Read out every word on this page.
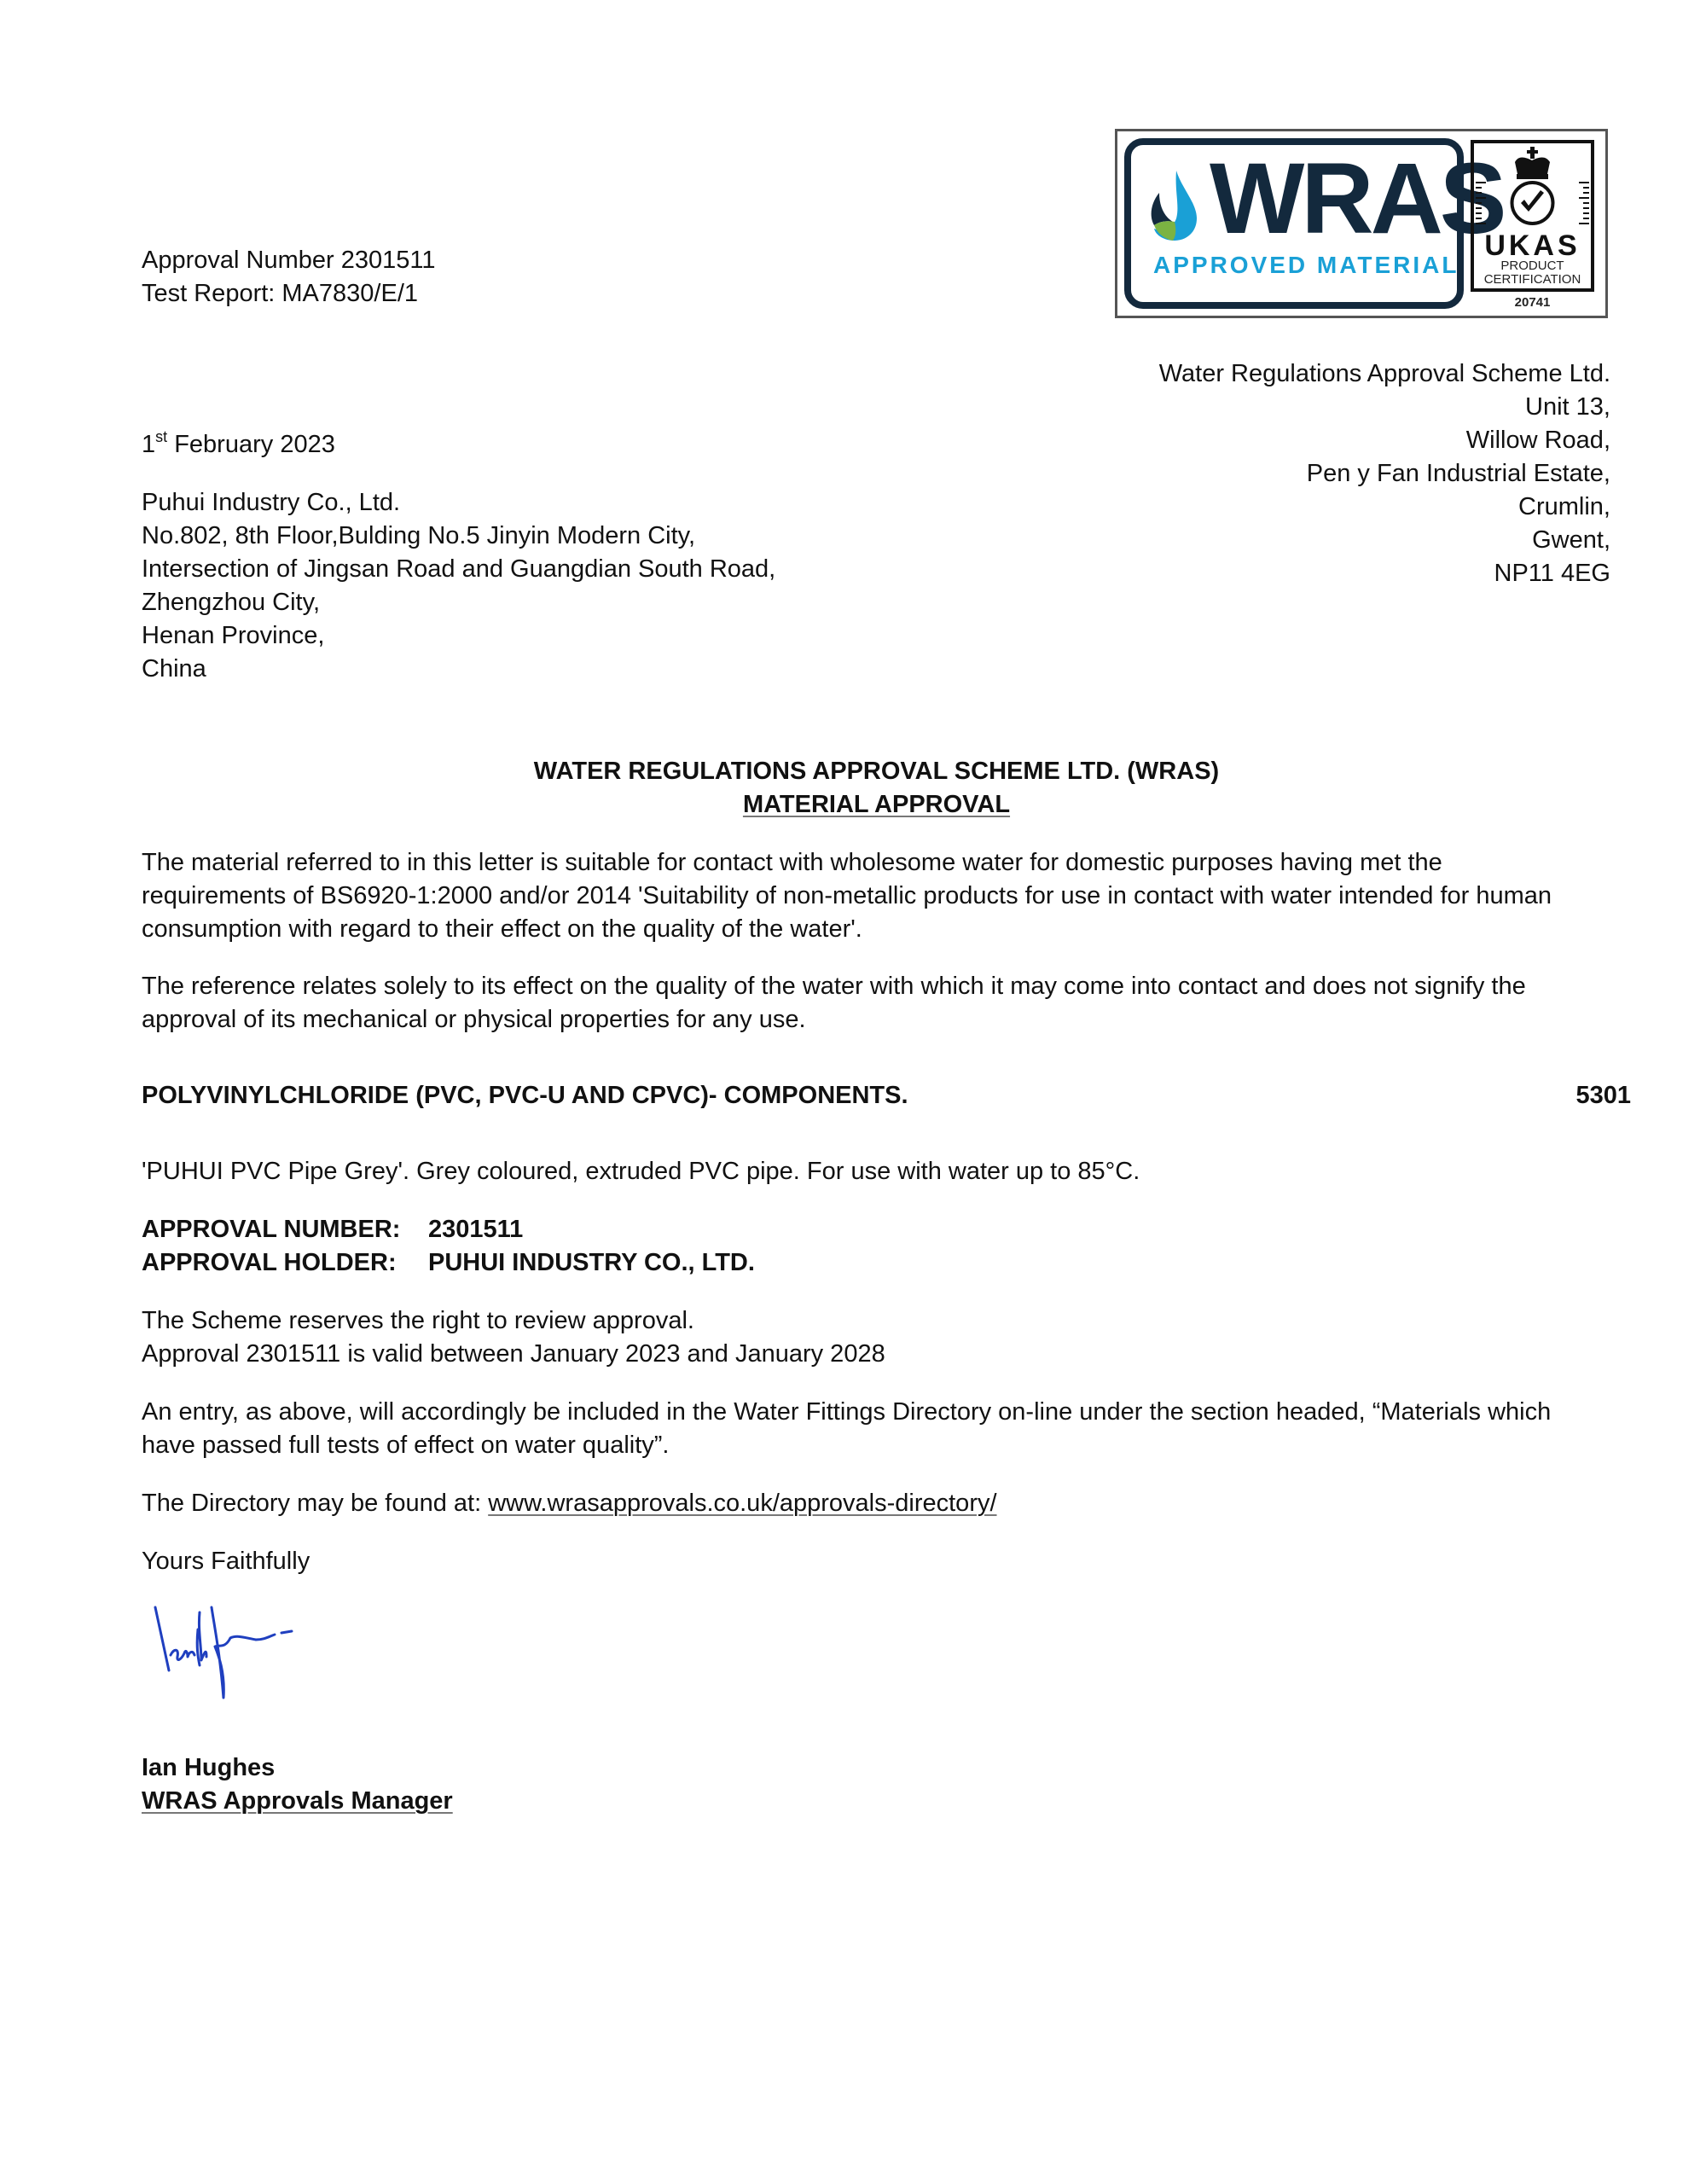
Approval Number 2301511
Test Report: MA7830/E/1
WRAS
APPROVED MATERIAL
UKAS
PRODUCT
CERTIFICATION
20741
Water Regulations Approval Scheme Ltd.
Unit 13,
Willow Road,
Pen y Fan Industrial Estate,
Crumlin,
Gwent,
NP11 4EG
1st February 2023
Puhui Industry Co., Ltd.
No.802, 8th Floor,Bulding No.5 Jinyin Modern City,
Intersection of Jingsan Road and Guangdian South Road,
Zhengzhou City,
Henan Province,
China
WATER REGULATIONS APPROVAL SCHEME LTD. (WRAS)
MATERIAL APPROVAL
The material referred to in this letter is suitable for contact with wholesome water for domestic purposes having met the
requirements of BS6920-1:2000 and/or 2014 'Suitability of non-metallic products for use in contact with water intended for human
consumption with regard to their effect on the quality of the water'.
The reference relates solely to its effect on the quality of the water with which it may come into contact and does not signify the
approval of its mechanical or physical properties for any use.
POLYVINYLCHLORIDE (PVC, PVC-U AND CPVC)- COMPONENTS.	5301
'PUHUI PVC Pipe Grey'. Grey coloured, extruded PVC pipe. For use with water up to 85°C.
APPROVAL NUMBER: 2301511
APPROVAL HOLDER: PUHUI INDUSTRY CO., LTD.
The Scheme reserves the right to review approval.
Approval 2301511 is valid between January 2023 and January 2028
An entry, as above, will accordingly be included in the Water Fittings Directory on-line under the section headed, “Materials which
have passed full tests of effect on water quality”.
The Directory may be found at: www.wrasapprovals.co.uk/approvals-directory/
Yours Faithfully
Ian Hughes
WRAS Approvals Manager
